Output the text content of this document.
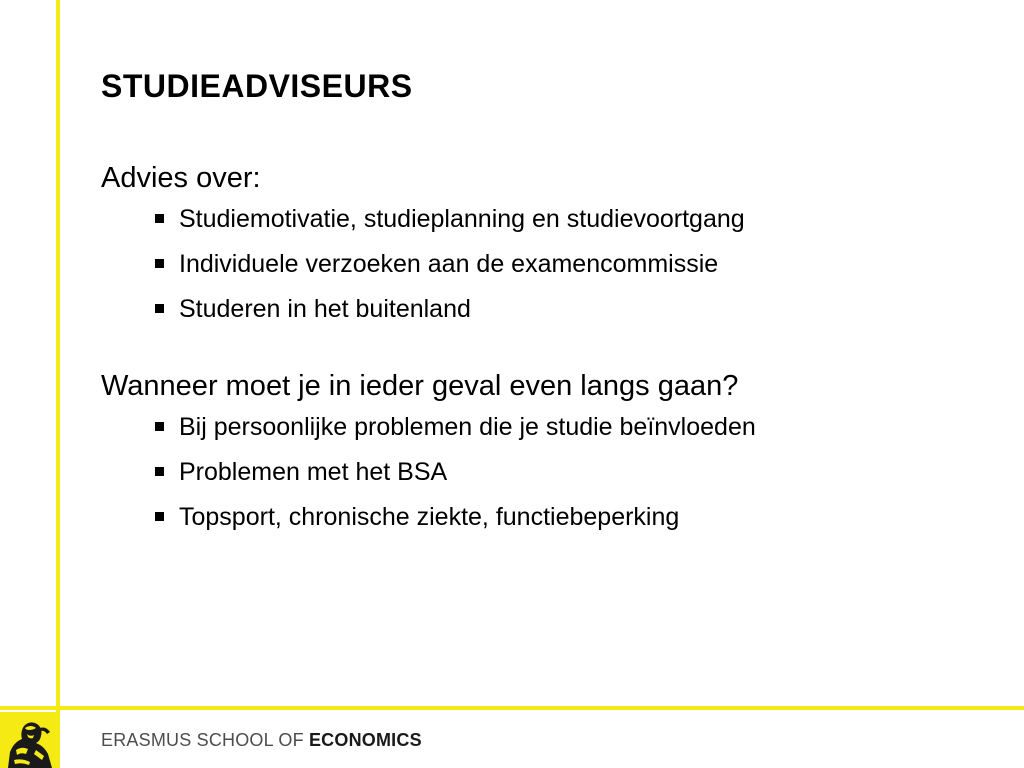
STUDIEADVISEURS
Advies over:
Studiemotivatie, studieplanning en studievoortgang
Individuele verzoeken aan de examencommissie
Studeren in het buitenland
Wanneer moet je in ieder geval even langs gaan?
Bij persoonlijke problemen die je studie beïnvloeden
Problemen met het BSA
Topsport, chronische ziekte, functiebeperking
ERASMUS SCHOOL OF ECONOMICS
